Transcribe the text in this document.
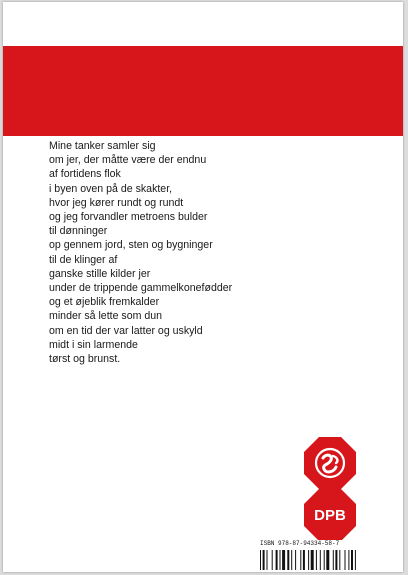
Mine tanker samler sig
om jer, der måtte være der endnu
af fortidens flok
i byen oven på de skakter,
hvor jeg kører rundt og rundt
og jeg forvandler metroens bulder
til dønninger
op gennem jord, sten og bygninger
til de klinger af
ganske stille kilder jer
under de trippende gammelkonefødder
og et øjeblik fremkalder
minder så lette som dun
om en tid der var latter og uskyld
midt i sin larmende
tørst og brunst.
DPB
ISBN 978-87-94334-58-7
